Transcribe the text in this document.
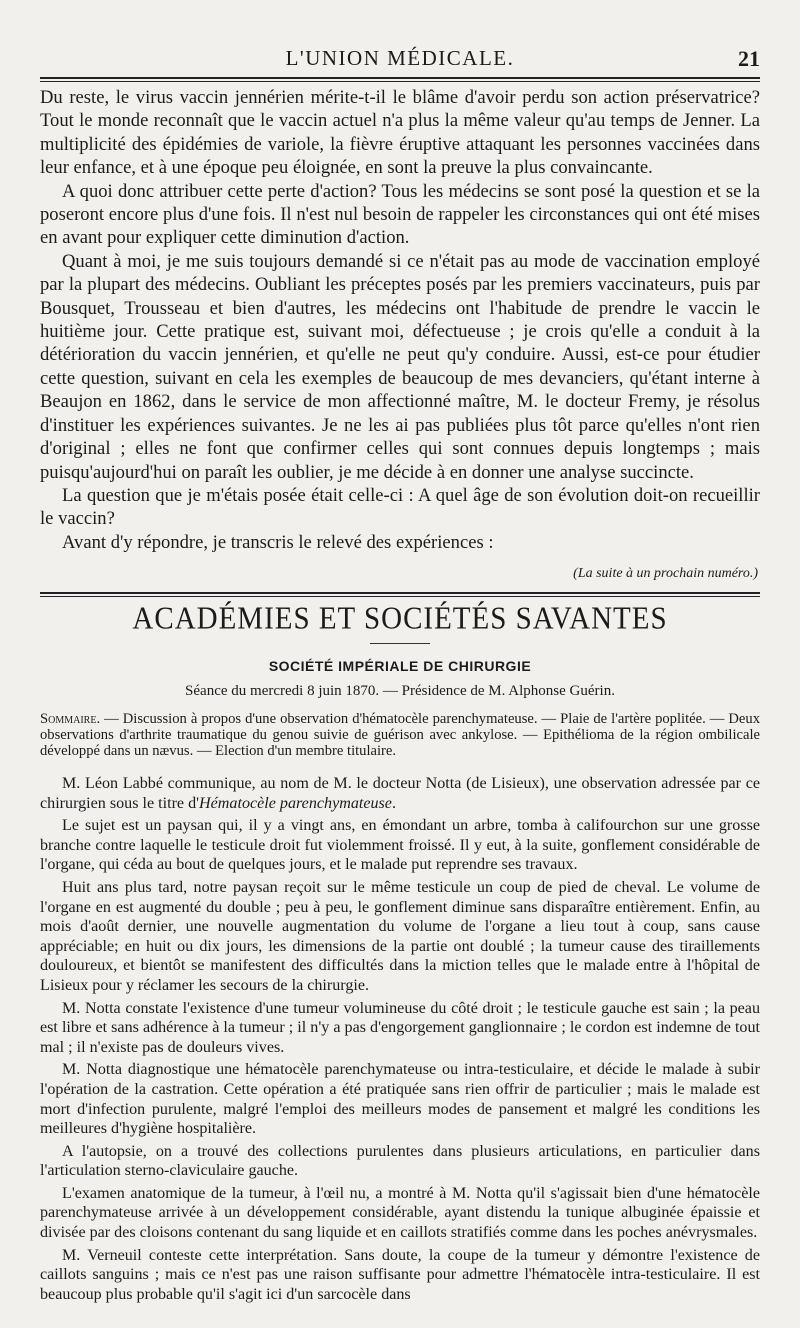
L'UNION MÉDICALE.	21

Du reste, le virus vaccin jennérien mérite-t-il le blâme d'avoir perdu son action préservatrice? Tout le monde reconnaît que le vaccin actuel n'a plus la même valeur qu'au temps de Jenner. La multiplicité des épidémies de variole, la fièvre éruptive attaquant les personnes vaccinées dans leur enfance, et à une époque peu éloignée, en sont la preuve la plus convaincante.

A quoi donc attribuer cette perte d'action? Tous les médecins se sont posé la question et se la poseront encore plus d'une fois. Il n'est nul besoin de rappeler les circonstances qui ont été mises en avant pour expliquer cette diminution d'action.

Quant à moi, je me suis toujours demandé si ce n'était pas au mode de vaccination employé par la plupart des médecins. Oubliant les préceptes posés par les premiers vaccinateurs, puis par Bousquet, Trousseau et bien d'autres, les médecins ont l'habitude de prendre le vaccin le huitième jour. Cette pratique est, suivant moi, défectueuse ; je crois qu'elle a conduit à la détérioration du vaccin jennérien, et qu'elle ne peut qu'y conduire. Aussi, est-ce pour étudier cette question, suivant en cela les exemples de beaucoup de mes devanciers, qu'étant interne à Beaujon en 1862, dans le service de mon affectionné maître, M. le docteur Fremy, je résolus d'instituer les expériences suivantes. Je ne les ai pas publiées plus tôt parce qu'elles n'ont rien d'original ; elles ne font que confirmer celles qui sont connues depuis longtemps ; mais puisqu'aujourd'hui on paraît les oublier, je me décide à en donner une analyse succincte.

La question que je m'étais posée était celle-ci : A quel âge de son évolution doit-on recueillir le vaccin?

Avant d'y répondre, je transcris le relevé des expériences :

(La suite à un prochain numéro.)
ACADÉMIES ET SOCIÉTÉS SAVANTES
SOCIÉTÉ IMPÉRIALE DE CHIRURGIE
Séance du mercredi 8 juin 1870. — Présidence de M. Alphonse Guérin.
Sommaire. — Discussion à propos d'une observation d'hématocèle parenchymateuse. — Plaie de l'artère poplitée. — Deux observations d'arthrite traumatique du genou suivie de guérison avec ankylose. — Epithélioma de la région ombilicale développé dans un nævus. — Election d'un membre titulaire.

M. Léon Labbé communique, au nom de M. le docteur Notta (de Lisieux), une observation adressée par ce chirurgien sous le titre d'Hématocèle parenchymateuse.

Le sujet est un paysan qui, il y a vingt ans, en émondant un arbre, tomba à califourchon sur une grosse branche contre laquelle le testicule droit fut violemment froissé. Il y eut, à la suite, gonflement considérable de l'organe, qui céda au bout de quelques jours, et le malade put reprendre ses travaux.

Huit ans plus tard, notre paysan reçoit sur le même testicule un coup de pied de cheval. Le volume de l'organe en est augmenté du double ; peu à peu, le gonflement diminue sans disparaître entièrement. Enfin, au mois d'août dernier, une nouvelle augmentation du volume de l'organe a lieu tout à coup, sans cause appréciable; en huit ou dix jours, les dimensions de la partie ont doublé ; la tumeur cause des tiraillements douloureux, et bientôt se manifestent des difficultés dans la miction telles que le malade entre à l'hôpital de Lisieux pour y réclamer les secours de la chirurgie.

M. Notta constate l'existence d'une tumeur volumineuse du côté droit ; le testicule gauche est sain ; la peau est libre et sans adhérence à la tumeur ; il n'y a pas d'engorgement ganglionnaire ; le cordon est indemne de tout mal ; il n'existe pas de douleurs vives.

M. Notta diagnostique une hématocèle parenchymateuse ou intra-testiculaire, et décide le malade à subir l'opération de la castration. Cette opération a été pratiquée sans rien offrir de particulier ; mais le malade est mort d'infection purulente, malgré l'emploi des meilleurs modes de pansement et malgré les conditions les meilleures d'hygiène hospitalière.

A l'autopsie, on a trouvé des collections purulentes dans plusieurs articulations, en particulier dans l'articulation sterno-claviculaire gauche.

L'examen anatomique de la tumeur, à l'œil nu, a montré à M. Notta qu'il s'agissait bien d'une hématocèle parenchymateuse arrivée à un développement considérable, ayant distendu la tunique albuginée épaissie et divisée par des cloisons contenant du sang liquide et en caillots stratifiés comme dans les poches anévrysmales.

M. Verneuil conteste cette interprétation. Sans doute, la coupe de la tumeur y démontre l'existence de caillots sanguins ; mais ce n'est pas une raison suffisante pour admettre l'hématocèle intra-testiculaire. Il est beaucoup plus probable qu'il s'agit ici d'un sarcocèle dans
